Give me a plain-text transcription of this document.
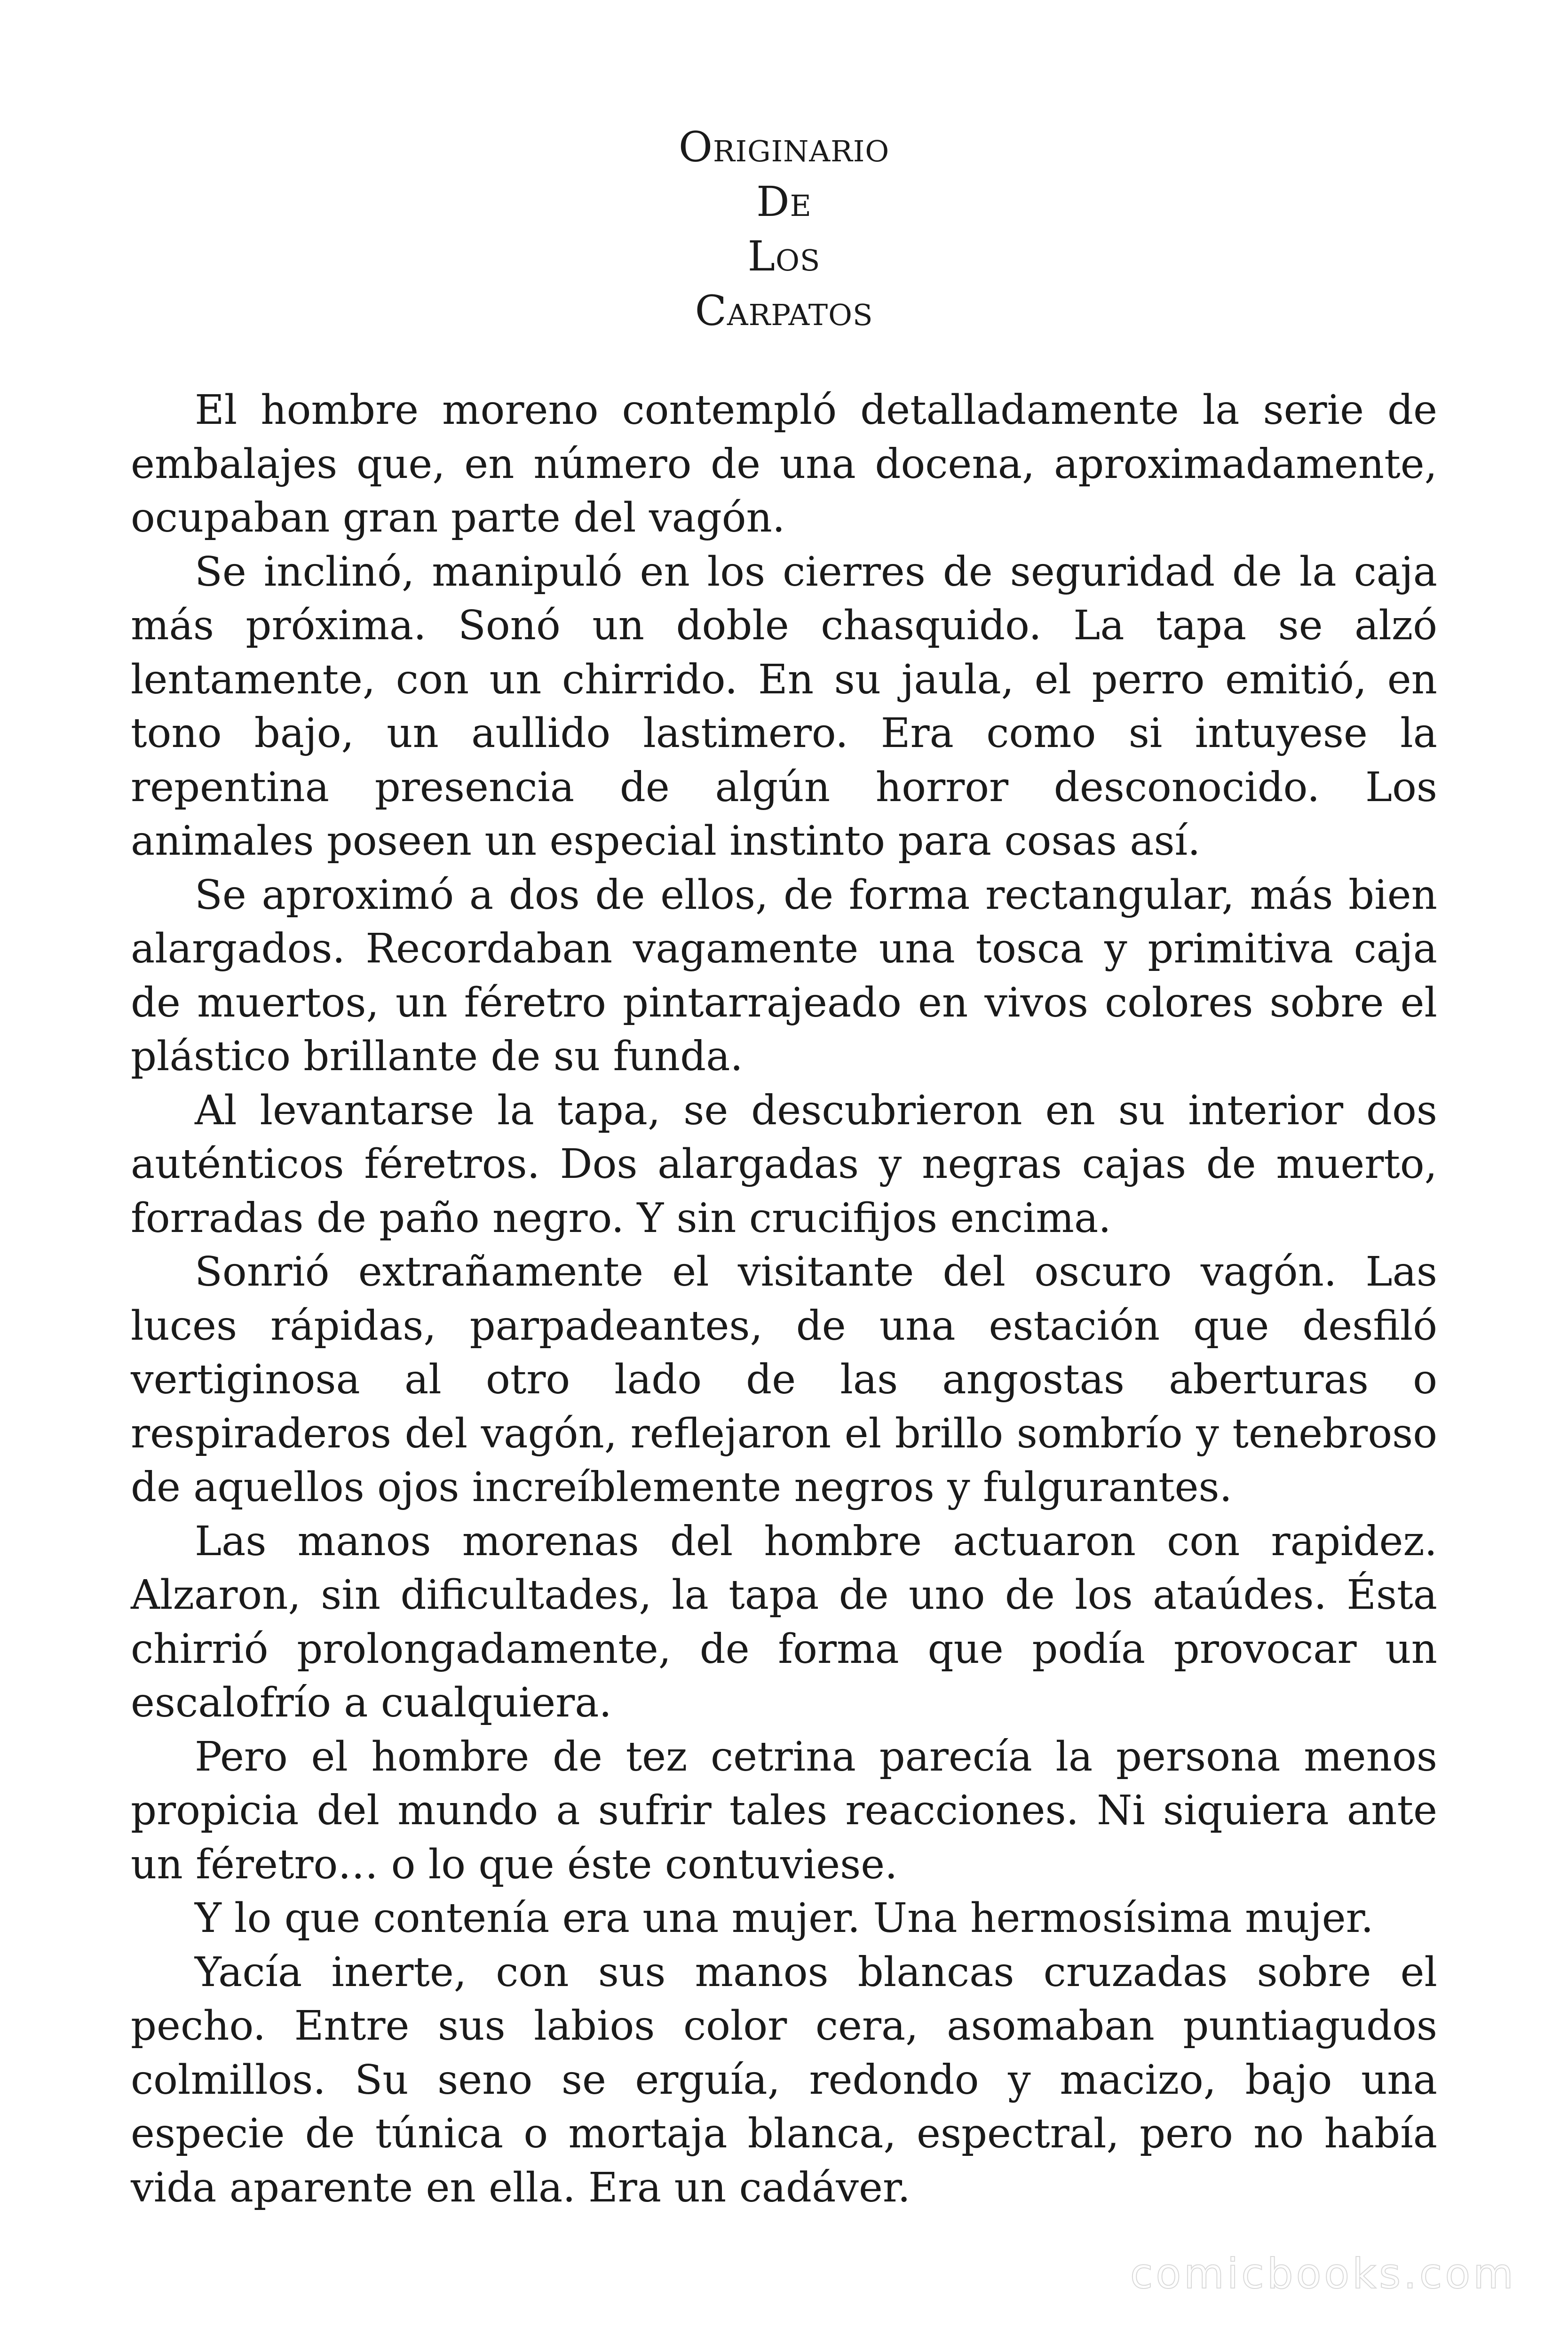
Originario
De
Los
Carpatos

El hombre moreno contempló detalladamente la serie de embalajes que, en número de una docena, aproximadamente, ocupaban gran parte del vagón.

Se inclinó, manipuló en los cierres de seguridad de la caja más próxima. Sonó un doble chasquido. La tapa se alzó lentamente, con un chirrido. En su jaula, el perro emitió, en tono bajo, un aullido lastimero. Era como si intuyese la repentina presencia de algún horror desconocido. Los animales poseen un especial instinto para cosas así.

Se aproximó a dos de ellos, de forma rectangular, más bien alargados. Recordaban vagamente una tosca y primitiva caja de muertos, un féretro pintarrajeado en vivos colores sobre el plástico brillante de su funda.

Al levantarse la tapa, se descubrieron en su interior dos auténticos féretros. Dos alargadas y negras cajas de muerto, forradas de paño negro. Y sin crucifijos encima.

Sonrió extrañamente el visitante del oscuro vagón. Las luces rápidas, parpadeantes, de una estación que desfiló vertiginosa al otro lado de las angostas aberturas o respiraderos del vagón, reflejaron el brillo sombrío y tenebroso de aquellos ojos increíblemente negros y fulgurantes.

Las manos morenas del hombre actuaron con rapidez. Alzaron, sin dificultades, la tapa de uno de los ataúdes. Ésta chirrió prolongadamente, de forma que podía provocar un escalofrío a cualquiera.

Pero el hombre de tez cetrina parecía la persona menos propicia del mundo a sufrir tales reacciones. Ni siquiera ante un féretro… o lo que éste contuviese.

Y lo que contenía era una mujer. Una hermosísima mujer.

Yacía inerte, con sus manos blancas cruzadas sobre el pecho. Entre sus labios color cera, asomaban puntiagudos colmillos. Su seno se erguía, redondo y macizo, bajo una especie de túnica o mortaja blanca, espectral, pero no había vida aparente en ella. Era un cadáver.

comicbooks.com
